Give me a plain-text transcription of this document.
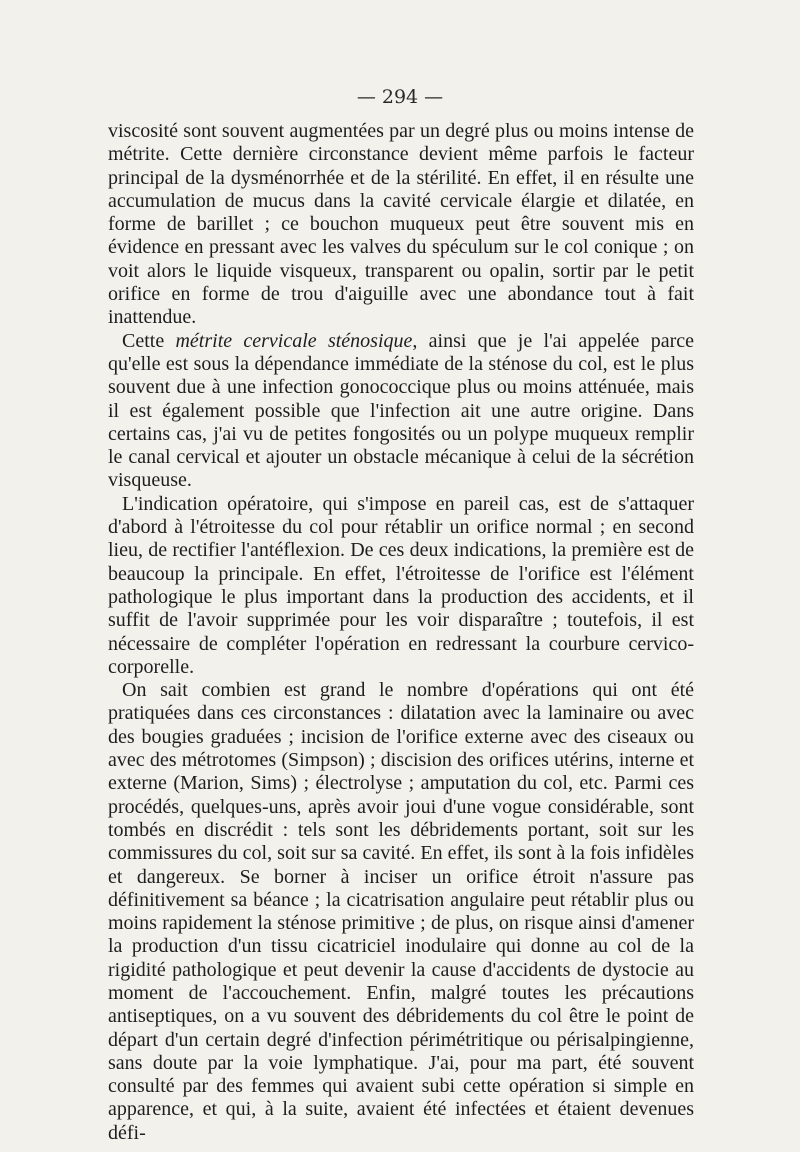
— 294 —

viscosité sont souvent augmentées par un degré plus ou moins intense de métrite. Cette dernière circonstance devient même parfois le facteur principal de la dysménorrhée et de la stérilité. En effet, il en résulte une accumulation de mucus dans la cavité cervicale élargie et dilatée, en forme de barillet ; ce bouchon muqueux peut être souvent mis en évidence en pressant avec les valves du spéculum sur le col conique ; on voit alors le liquide visqueux, transparent ou opalin, sortir par le petit orifice en forme de trou d'aiguille avec une abondance tout à fait inattendue.

Cette métrite cervicale sténosique, ainsi que je l'ai appelée parce qu'elle est sous la dépendance immédiate de la sténose du col, est le plus souvent due à une infection gonococcique plus ou moins atténuée, mais il est également possible que l'infection ait une autre origine. Dans certains cas, j'ai vu de petites fongosités ou un polype muqueux remplir le canal cervical et ajouter un obstacle mécanique à celui de la sécrétion visqueuse.

L'indication opératoire, qui s'impose en pareil cas, est de s'attaquer d'abord à l'étroitesse du col pour rétablir un orifice normal ; en second lieu, de rectifier l'antéflexion. De ces deux indications, la première est de beaucoup la principale. En effet, l'étroitesse de l'orifice est l'élément pathologique le plus important dans la production des accidents, et il suffit de l'avoir supprimée pour les voir disparaître ; toutefois, il est nécessaire de compléter l'opération en redressant la courbure cervico-corporelle.

On sait combien est grand le nombre d'opérations qui ont été pratiquées dans ces circonstances : dilatation avec la laminaire ou avec des bougies graduées ; incision de l'orifice externe avec des ciseaux ou avec des métrotomes (Simpson) ; discision des orifices utérins, interne et externe (Marion, Sims) ; électrolyse ; amputation du col, etc. Parmi ces procédés, quelques-uns, après avoir joui d'une vogue considérable, sont tombés en discrédit : tels sont les débridements portant, soit sur les commissures du col, soit sur sa cavité. En effet, ils sont à la fois infidèles et dangereux. Se borner à inciser un orifice étroit n'assure pas définitivement sa béance ; la cicatrisation angulaire peut rétablir plus ou moins rapidement la sténose primitive ; de plus, on risque ainsi d'amener la production d'un tissu cicatriciel inodulaire qui donne au col de la rigidité pathologique et peut devenir la cause d'accidents de dystocie au moment de l'accouchement. Enfin, malgré toutes les précautions antiseptiques, on a vu souvent des débridements du col être le point de départ d'un certain degré d'infection périmétritique ou périsalpingienne, sans doute par la voie lymphatique. J'ai, pour ma part, été souvent consulté par des femmes qui avaient subi cette opération si simple en apparence, et qui, à la suite, avaient été infectées et étaient devenues défi-
